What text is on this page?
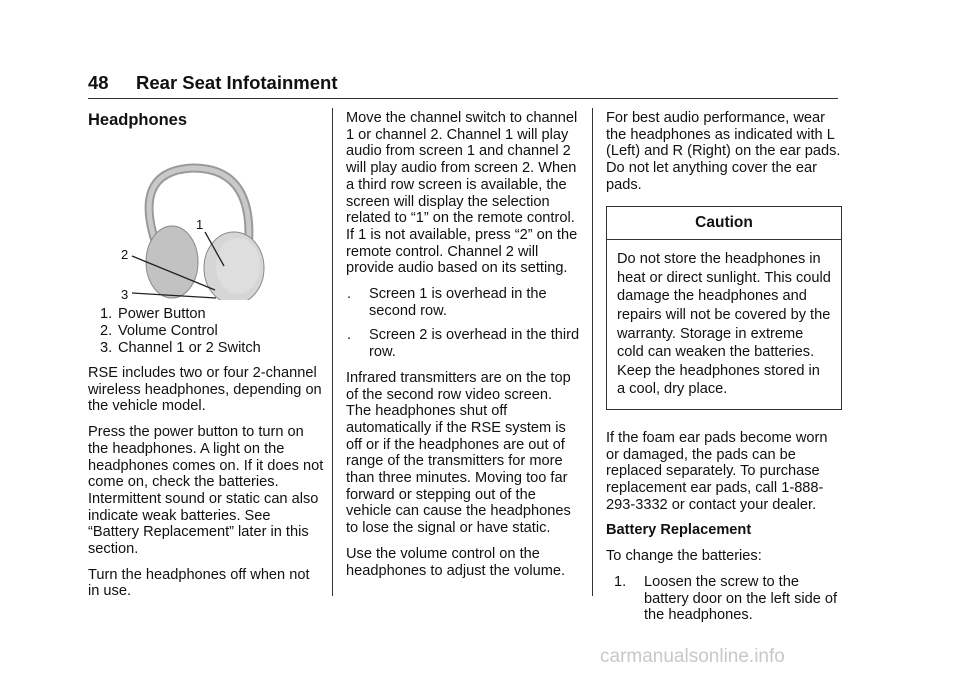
48 Rear Seat Infotainment
Headphones
1
2
3
1. Power Button
2. Volume Control
3. Channel 1 or 2 Switch

RSE includes two or four 2-channel wireless headphones, depending on the vehicle model.

Press the power button to turn on the headphones. A light on the headphones comes on. If it does not come on, check the batteries. Intermittent sound or static can also indicate weak batteries. See “Battery Replacement” later in this section.

Turn the headphones off when not in use.

Move the channel switch to channel 1 or channel 2. Channel 1 will play audio from screen 1 and channel 2 will play audio from screen 2. When a third row screen is available, the screen will display the selection related to “1” on the remote control. If 1 is not available, press “2” on the remote control. Channel 2 will provide audio based on its setting.

. Screen 1 is overhead in the second row.
. Screen 2 is overhead in the third row.

Infrared transmitters are on the top of the second row video screen. The headphones shut off automatically if the RSE system is off or if the headphones are out of range of the transmitters for more than three minutes. Moving too far forward or stepping out of the vehicle can cause the headphones to lose the signal or have static.

Use the volume control on the headphones to adjust the volume.

For best audio performance, wear the headphones as indicated with L (Left) and R (Right) on the ear pads. Do not let anything cover the ear pads.

Caution
Do not store the headphones in heat or direct sunlight. This could damage the headphones and repairs will not be covered by the warranty. Storage in extreme cold can weaken the batteries. Keep the headphones stored in a cool, dry place.

If the foam ear pads become worn or damaged, the pads can be replaced separately. To purchase replacement ear pads, call 1-888-293-3332 or contact your dealer.

Battery Replacement

To change the batteries:

1. Loosen the screw to the battery door on the left side of the headphones.
carmanualsonline.info
